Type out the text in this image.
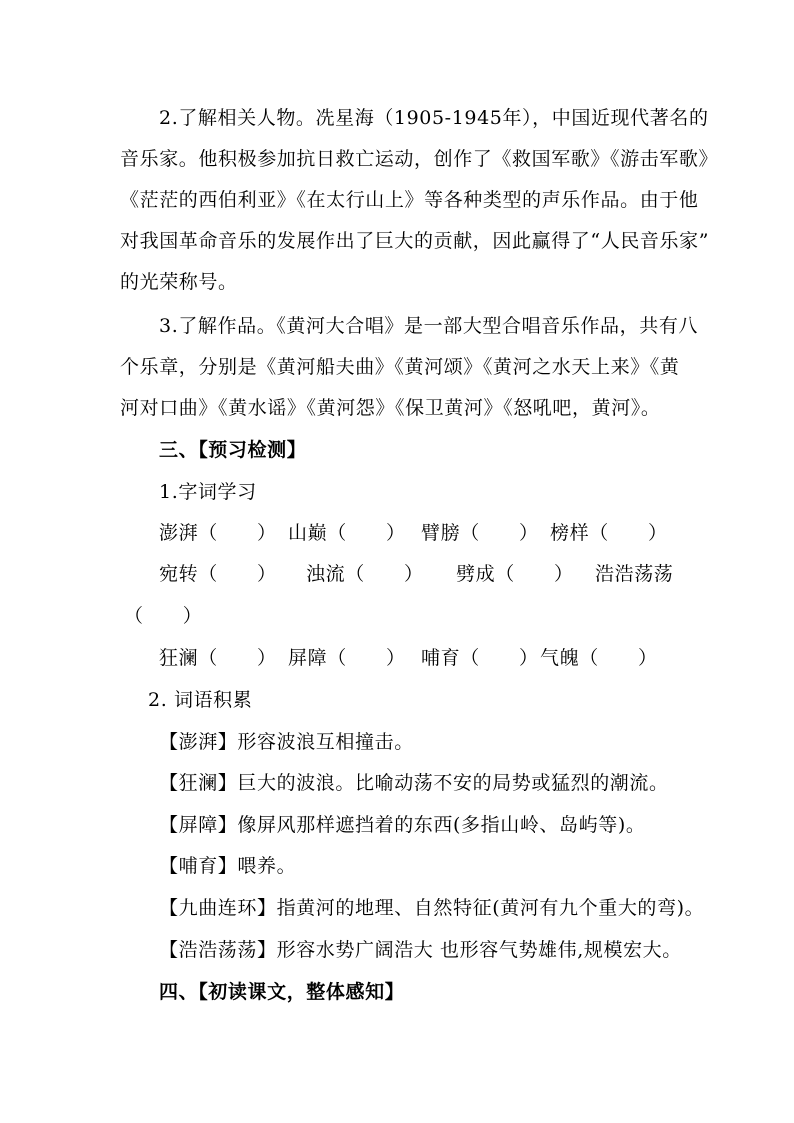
2.了解相关人物。冼星海（1905-1945年），中国近现代著名的
音乐家。他积极参加抗日救亡运动，创作了《救国军歌》《游击军歌》
《茫茫的西伯利亚》《在太行山上》等各种类型的声乐作品。由于他
对我国革命音乐的发展作出了巨大的贡献，因此赢得了“人民音乐家”
的光荣称号。
3.了解作品。《黄河大合唱》是一部大型合唱音乐作品，共有八
个乐章，分别是《黄河船夫曲》《黄河颂》《黄河之水天上来》《黄
河对口曲》《黄水谣》《黄河怨》《保卫黄河》《怒吼吧，黄河》。
三、【预习检测】
1.字词学习
澎湃（　　） 山巅（　　） 臂膀（　　） 榜样（　　）
宛转（　　） 浊流（　　） 劈成（　　） 浩浩荡荡
（　　）
狂澜（　　） 屏障（　　） 哺育（　　） 气魄（　　）
2. 词语积累
【澎湃】形容波浪互相撞击。
【狂澜】巨大的波浪。比喻动荡不安的局势或猛烈的潮流。
【屏障】像屏风那样遮挡着的东西(多指山岭、岛屿等)。
【哺育】喂养。
【九曲连环】指黄河的地理、自然特征(黄河有九个重大的弯)。
【浩浩荡荡】形容水势广阔浩大 也形容气势雄伟,规模宏大。
四、【初读课文，整体感知】
